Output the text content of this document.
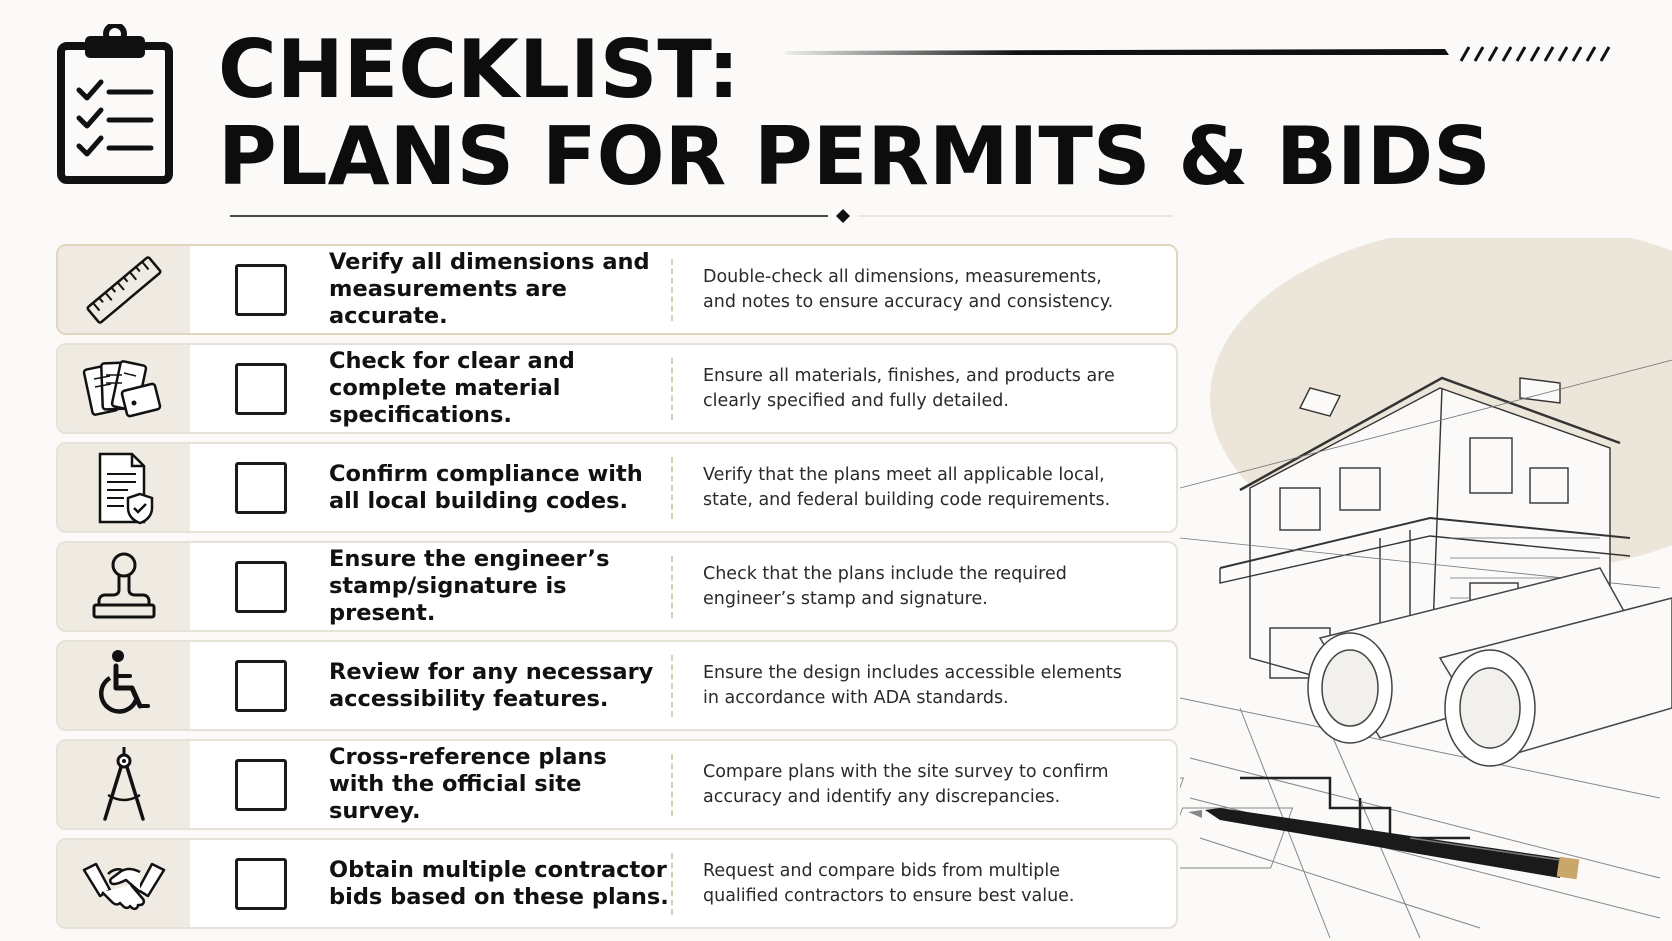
CHECKLIST:
PLANS FOR PERMITS & BIDS
Verify all dimensions and measurements are accurate.
Double-check all dimensions, measurements, and notes to ensure accuracy and consistency.
Check for clear and complete material specifications.
Ensure all materials, finishes, and products are clearly specified and fully detailed.
Confirm compliance with all local building codes.
Verify that the plans meet all applicable local, state, and federal building code requirements.
Ensure the engineer’s stamp/signature is present.
Check that the plans include the required engineer’s stamp and signature.
Review for any necessary accessibility features.
Ensure the design includes accessible elements in accordance with ADA standards.
Cross-reference plans with the official site survey.
Compare plans with the site survey to confirm accuracy and identify any discrepancies.
Obtain multiple contractor bids based on these plans.
Request and compare bids from multiple qualified contractors to ensure best value.
